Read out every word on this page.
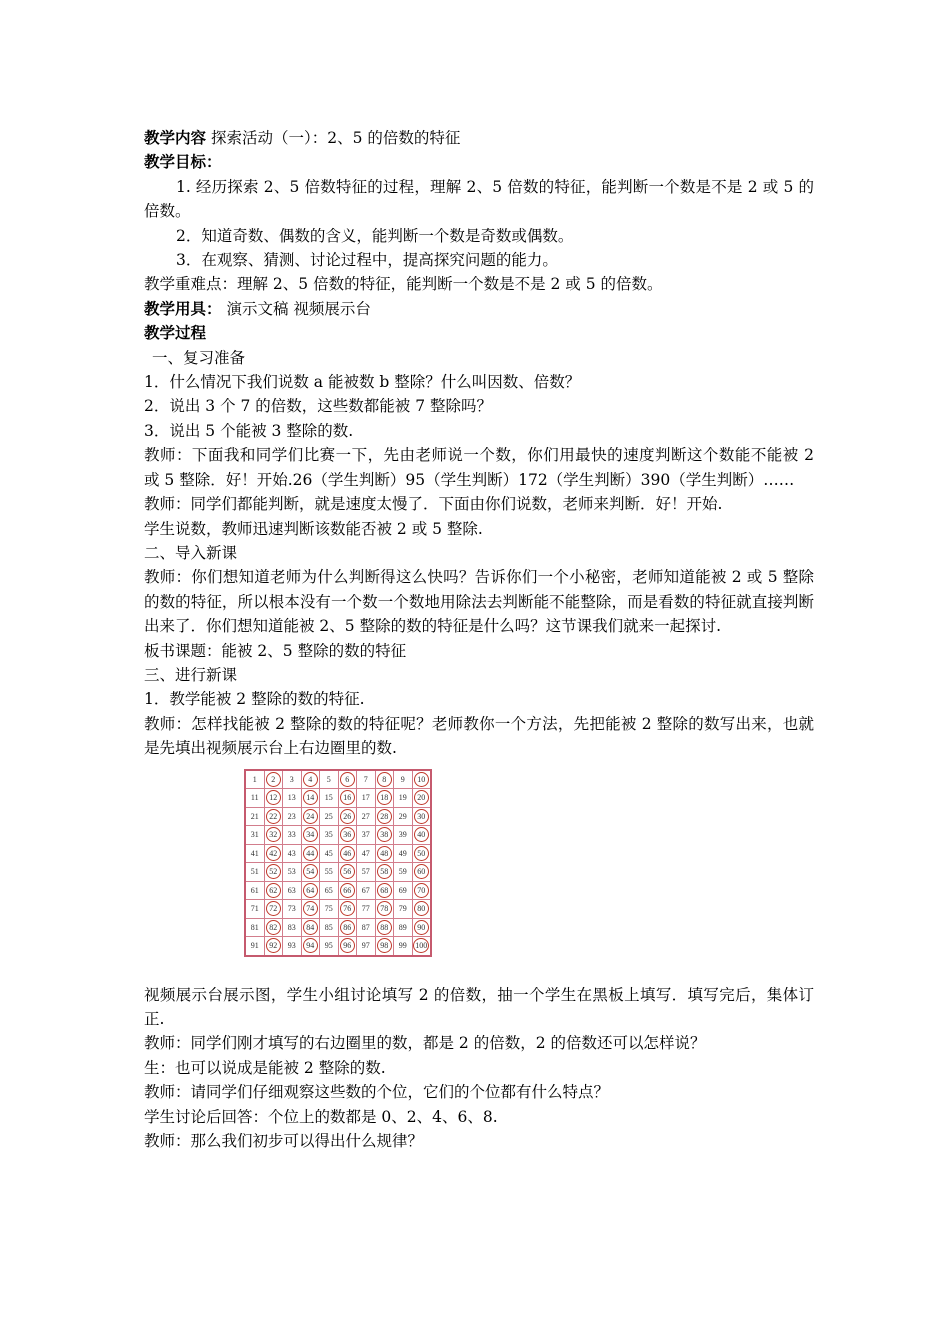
教学内容 探索活动（一）：2、5 的倍数的特征
教学目标：
1. 经历探索 2、5 倍数特征的过程，理解 2、5 倍数的特征，能判断一个数是不是 2 或 5 的倍数。
2．知道奇数、偶数的含义，能判断一个数是奇数或偶数。
3．在观察、猜测、讨论过程中，提高探究问题的能力。
教学重难点：理解 2、5 倍数的特征，能判断一个数是不是 2 或 5 的倍数。
教学用具： 演示文稿 视频展示台
教学过程
一、复习准备
1．什么情况下我们说数 a 能被数 b 整除？什么叫因数、倍数？
2．说出 3 个 7 的倍数，这些数都能被 7 整除吗？
3．说出 5 个能被 3 整除的数.
教师：下面我和同学们比赛一下，先由老师说一个数，你们用最快的速度判断这个数能不能被 2 或 5 整除．好！开始.26（学生判断）95（学生判断）172（学生判断）390（学生判断）……
教师：同学们都能判断，就是速度太慢了．下面由你们说数，老师来判断．好！开始.
学生说数，教师迅速判断该数能否被 2 或 5 整除.
二、导入新课
教师：你们想知道老师为什么判断得这么快吗？告诉你们一个小秘密，老师知道能被 2 或 5 整除的数的特征，所以根本没有一个数一个数地用除法去判断能不能整除，而是看数的特征就直接判断出来了．你们想知道能被 2、5 整除的数的特征是什么吗？这节课我们就来一起探讨.
板书课题：能被 2、5 整除的数的特征
三、进行新课
1．教学能被 2 整除的数的特征.
教师：怎样找能被 2 整除的数的特征呢？老师教你一个方法，先把能被 2 整除的数写出来，也就是先填出视频展示台上右边圈里的数.
1	2	3	4	5	6	7	8	9	10
11	12	13	14	15	16	17	18	19	20
21	22	23	24	25	26	27	28	29	30
31	32	33	34	35	36	37	38	39	40
41	42	43	44	45	46	47	48	49	50
51	52	53	54	55	56	57	58	59	60
61	62	63	64	65	66	67	68	69	70
71	72	73	74	75	76	77	78	79	80
81	82	83	84	85	86	87	88	89	90
91	92	93	94	95	96	97	98	99	100
视频展示台展示图，学生小组讨论填写 2 的倍数，抽一个学生在黑板上填写．填写完后，集体订正.
教师：同学们刚才填写的右边圈里的数，都是 2 的倍数，2 的倍数还可以怎样说？
生：也可以说成是能被 2 整除的数.
教师：请同学们仔细观察这些数的个位，它们的个位都有什么特点？
学生讨论后回答：个位上的数都是 0、2、4、6、8.
教师：那么我们初步可以得出什么规律？
